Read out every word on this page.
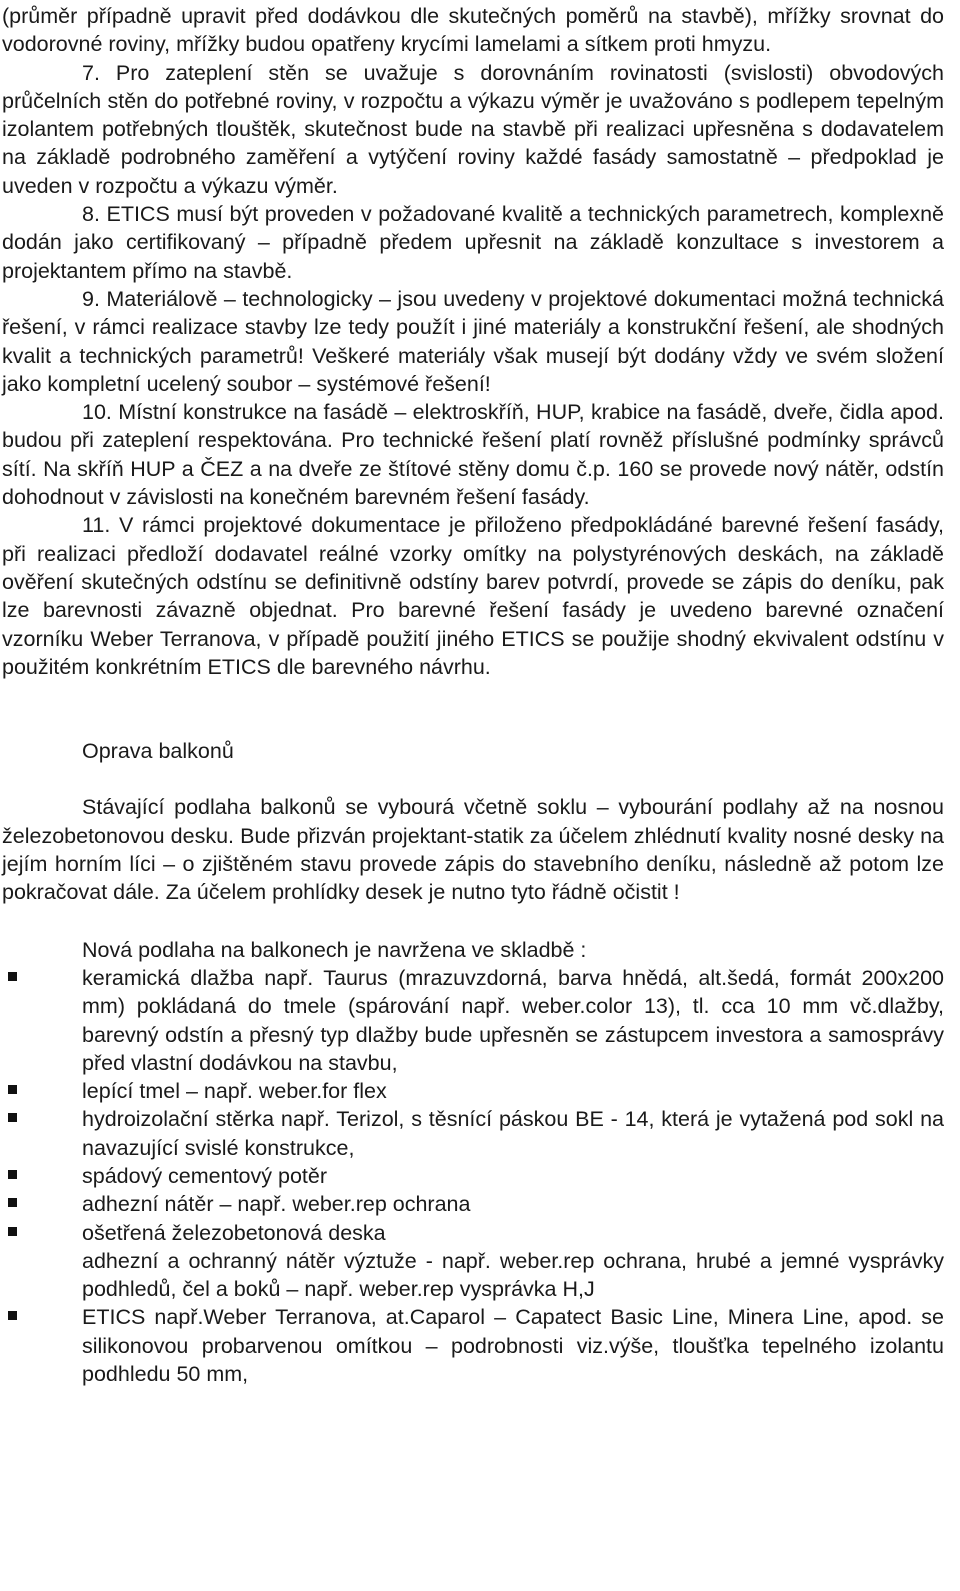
(průměr případně upravit před dodávkou dle skutečných poměrů na stavbě), mřížky srovnat do vodorovné roviny, mřížky budou opatřeny krycími lamelami a sítkem proti hmyzu.

7. Pro zateplení stěn se uvažuje s dorovnáním rovinatosti (svislosti) obvodových průčelních stěn do potřebné roviny, v rozpočtu a výkazu výměr je uvažováno s podlepem tepelným izolantem potřebných tlouštěk, skutečnost bude na stavbě při realizaci upřesněna s dodavatelem na základě podrobného zaměření a vytýčení roviny každé fasády samostatně – předpoklad je uveden v rozpočtu a výkazu výměr.

8. ETICS musí být proveden v požadované kvalitě a technických parametrech, komplexně dodán jako certifikovaný – případně předem upřesnit na základě konzultace s investorem a projektantem přímo na stavbě.

9. Materiálově – technologicky – jsou uvedeny v projektové dokumentaci možná technická řešení, v rámci realizace stavby lze tedy použít i jiné materiály a konstrukční řešení, ale shodných kvalit a technických parametrů! Veškeré materiály však musejí být dodány vždy ve svém složení jako kompletní ucelený soubor – systémové řešení!

10. Místní konstrukce na fasádě – elektroskříň, HUP, krabice na fasádě, dveře, čidla apod. budou při zateplení respektována. Pro technické řešení platí rovněž příslušné podmínky správců sítí. Na skříň HUP a ČEZ a na dveře ze štítové stěny domu č.p. 160 se provede nový nátěr, odstín dohodnout v závislosti na konečném barevném řešení fasády.

11. V rámci projektové dokumentace je přiloženo předpokládáné barevné řešení fasády, při realizaci předloží dodavatel reálné vzorky omítky na polystyrénových deskách, na základě ověření skutečných odstínu se definitivně odstíny barev potvrdí, provede se zápis do deníku, pak lze barevnosti závazně objednat. Pro barevné řešení fasády je uvedeno barevné označení vzorníku Weber Terranova, v případě použití jiného ETICS se použije shodný ekvivalent odstínu v použitém konkrétním ETICS dle barevného návrhu.

Oprava balkonů

Stávající podlaha balkonů se vybourá včetně soklu – vybourání podlahy až na nosnou železobetonovou desku. Bude přizván projektant-statik za účelem zhlédnutí kvality nosné desky na jejím horním líci – o zjištěném stavu provede zápis do stavebního deníku, následně až potom lze pokračovat dále. Za účelem prohlídky desek je nutno tyto řádně očistit !

Nová podlaha na balkonech je navržena ve skladbě :

keramická dlažba např. Taurus (mrazuvzdorná, barva hnědá, alt.šedá, formát 200x200 mm) pokládaná do tmele (spárování např. weber.color 13), tl. cca 10 mm vč.dlažby, barevný odstín a přesný typ dlažby bude upřesněn se zástupcem investora a samosprávy před vlastní dodávkou na stavbu,
lepící tmel – např. weber.for flex
hydroizolační stěrka např. Terizol, s těsnící páskou BE - 14, která je vytažená pod sokl na navazující svislé konstrukce,
spádový cementový potěr
adhezní nátěr – např. weber.rep ochrana
ošetřená železobetonová deska
adhezní a ochranný nátěr výztuže - např. weber.rep ochrana, hrubé a jemné vysprávky podhledů, čel a boků – např. weber.rep vysprávka H,J
ETICS např.Weber Terranova, at.Caparol – Capatect Basic Line, Minera Line, apod. se silikonovou probarvenou omítkou – podrobnosti viz.výše, tloušťka tepelného izolantu podhledu 50 mm,
